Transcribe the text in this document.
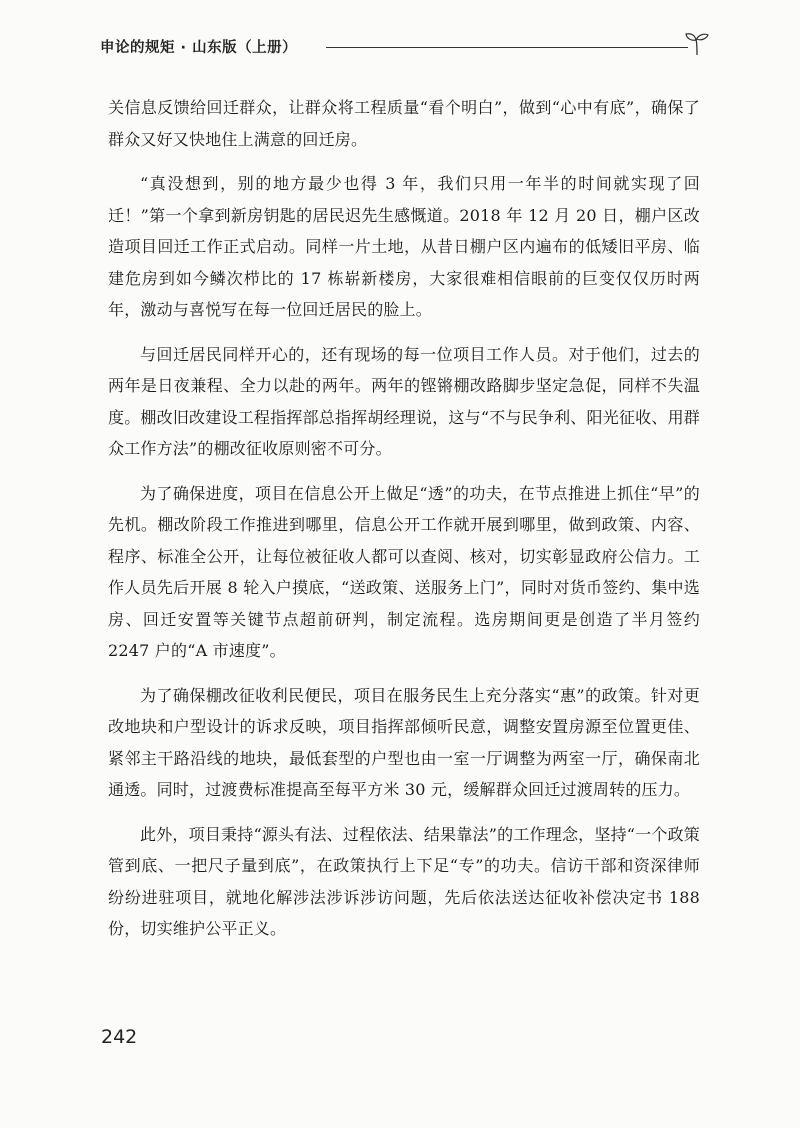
申论的规矩 · 山东版（上册）

关信息反馈给回迁群众，让群众将工程质量“看个明白”，做到“心中有底”，确保了群众又好又快地住上满意的回迁房。

“真没想到，别的地方最少也得 3 年，我们只用一年半的时间就实现了回迁！”第一个拿到新房钥匙的居民迟先生感慨道。2018 年 12 月 20 日，棚户区改造项目回迁工作正式启动。同样一片土地，从昔日棚户区内遍布的低矮旧平房、临建危房到如今鳞次栉比的 17 栋崭新楼房，大家很难相信眼前的巨变仅仅历时两年，激动与喜悦写在每一位回迁居民的脸上。

与回迁居民同样开心的，还有现场的每一位项目工作人员。对于他们，过去的两年是日夜兼程、全力以赴的两年。两年的铿锵棚改路脚步坚定急促，同样不失温度。棚改旧改建设工程指挥部总指挥胡经理说，这与“不与民争利、阳光征收、用群众工作方法”的棚改征收原则密不可分。

为了确保进度，项目在信息公开上做足“透”的功夫，在节点推进上抓住“早”的先机。棚改阶段工作推进到哪里，信息公开工作就开展到哪里，做到政策、内容、程序、标准全公开，让每位被征收人都可以查阅、核对，切实彰显政府公信力。工作人员先后开展 8 轮入户摸底，“送政策、送服务上门”，同时对货币签约、集中选房、回迁安置等关键节点超前研判，制定流程。选房期间更是创造了半月签约 2247 户的“A 市速度”。

为了确保棚改征收利民便民，项目在服务民生上充分落实“惠”的政策。针对更改地块和户型设计的诉求反映，项目指挥部倾听民意，调整安置房源至位置更佳、紧邻主干路沿线的地块，最低套型的户型也由一室一厅调整为两室一厅，确保南北通透。同时，过渡费标准提高至每平方米 30 元，缓解群众回迁过渡周转的压力。

此外，项目秉持“源头有法、过程依法、结果靠法”的工作理念，坚持“一个政策管到底、一把尺子量到底”，在政策执行上下足“专”的功夫。信访干部和资深律师纷纷进驻项目，就地化解涉法涉诉涉访问题，先后依法送达征收补偿决定书 188 份，切实维护公平正义。

242
